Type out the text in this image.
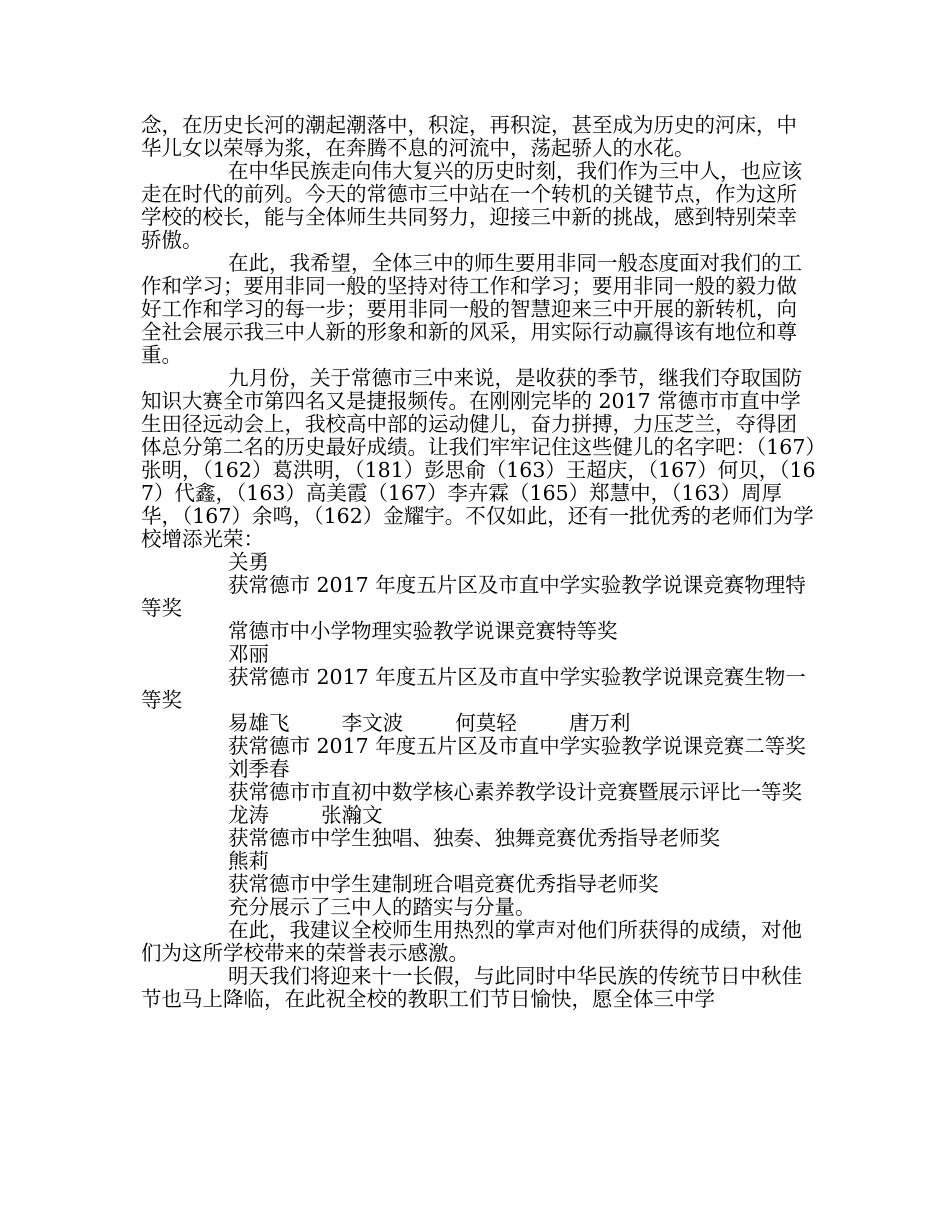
念，在历史长河的潮起潮落中，积淀，再积淀，甚至成为历史的河床，中华儿女以荣辱为浆，在奔腾不息的河流中，荡起骄人的水花。

在中华民族走向伟大复兴的历史时刻，我们作为三中人，也应该走在时代的前列。今天的常德市三中站在一个转机的关键节点，作为这所学校的校长，能与全体师生共同努力，迎接三中新的挑战，感到特别荣幸骄傲。

在此，我希望，全体三中的师生要用非同一般态度面对我们的工作和学习；要用非同一般的坚持对待工作和学习；要用非同一般的毅力做好工作和学习的每一步；要用非同一般的智慧迎来三中开展的新转机，向全社会展示我三中人新的形象和新的风采，用实际行动赢得该有地位和尊重。

九月份，关于常德市三中来说，是收获的季节，继我们夺取国防知识大赛全市第四名又是捷报频传。在刚刚完毕的 2017 常德市市直中学生田径远动会上，我校高中部的运动健儿，奋力拼搏，力压芝兰，夺得团体总分第二名的历史最好成绩。让我们牢牢记住这些健儿的名字吧：（167）张明，（162）葛洪明，（181）彭思俞（163）王超庆，（167）何贝，（167）代鑫，（163）高美霞（167）李卉霖（165）郑慧中，（163）周厚华，（167）余鸣，（162）金耀宇。不仅如此，还有一批优秀的老师们为学校增添光荣：

关勇

获常德市 2017 年度五片区及市直中学实验教学说课竞赛物理特等奖

常德市中小学物理实验教学说课竞赛特等奖

邓丽

获常德市 2017 年度五片区及市直中学实验教学说课竞赛生物一等奖

易雄飞        李文波        何莫轻        唐万利

获常德市 2017 年度五片区及市直中学实验教学说课竞赛二等奖

刘季春

获常德市市直初中数学核心素养教学设计竞赛暨展示评比一等奖

龙涛        张瀚文

获常德市中学生独唱、独奏、独舞竞赛优秀指导老师奖

熊莉

获常德市中学生建制班合唱竞赛优秀指导老师奖

充分展示了三中人的踏实与分量。

在此，我建议全校师生用热烈的掌声对他们所获得的成绩，对他们为这所学校带来的荣誉表示感激。

明天我们将迎来十一长假，与此同时中华民族的传统节日中秋佳节也马上降临，在此祝全校的教职工们节日愉快，愿全体三中学
